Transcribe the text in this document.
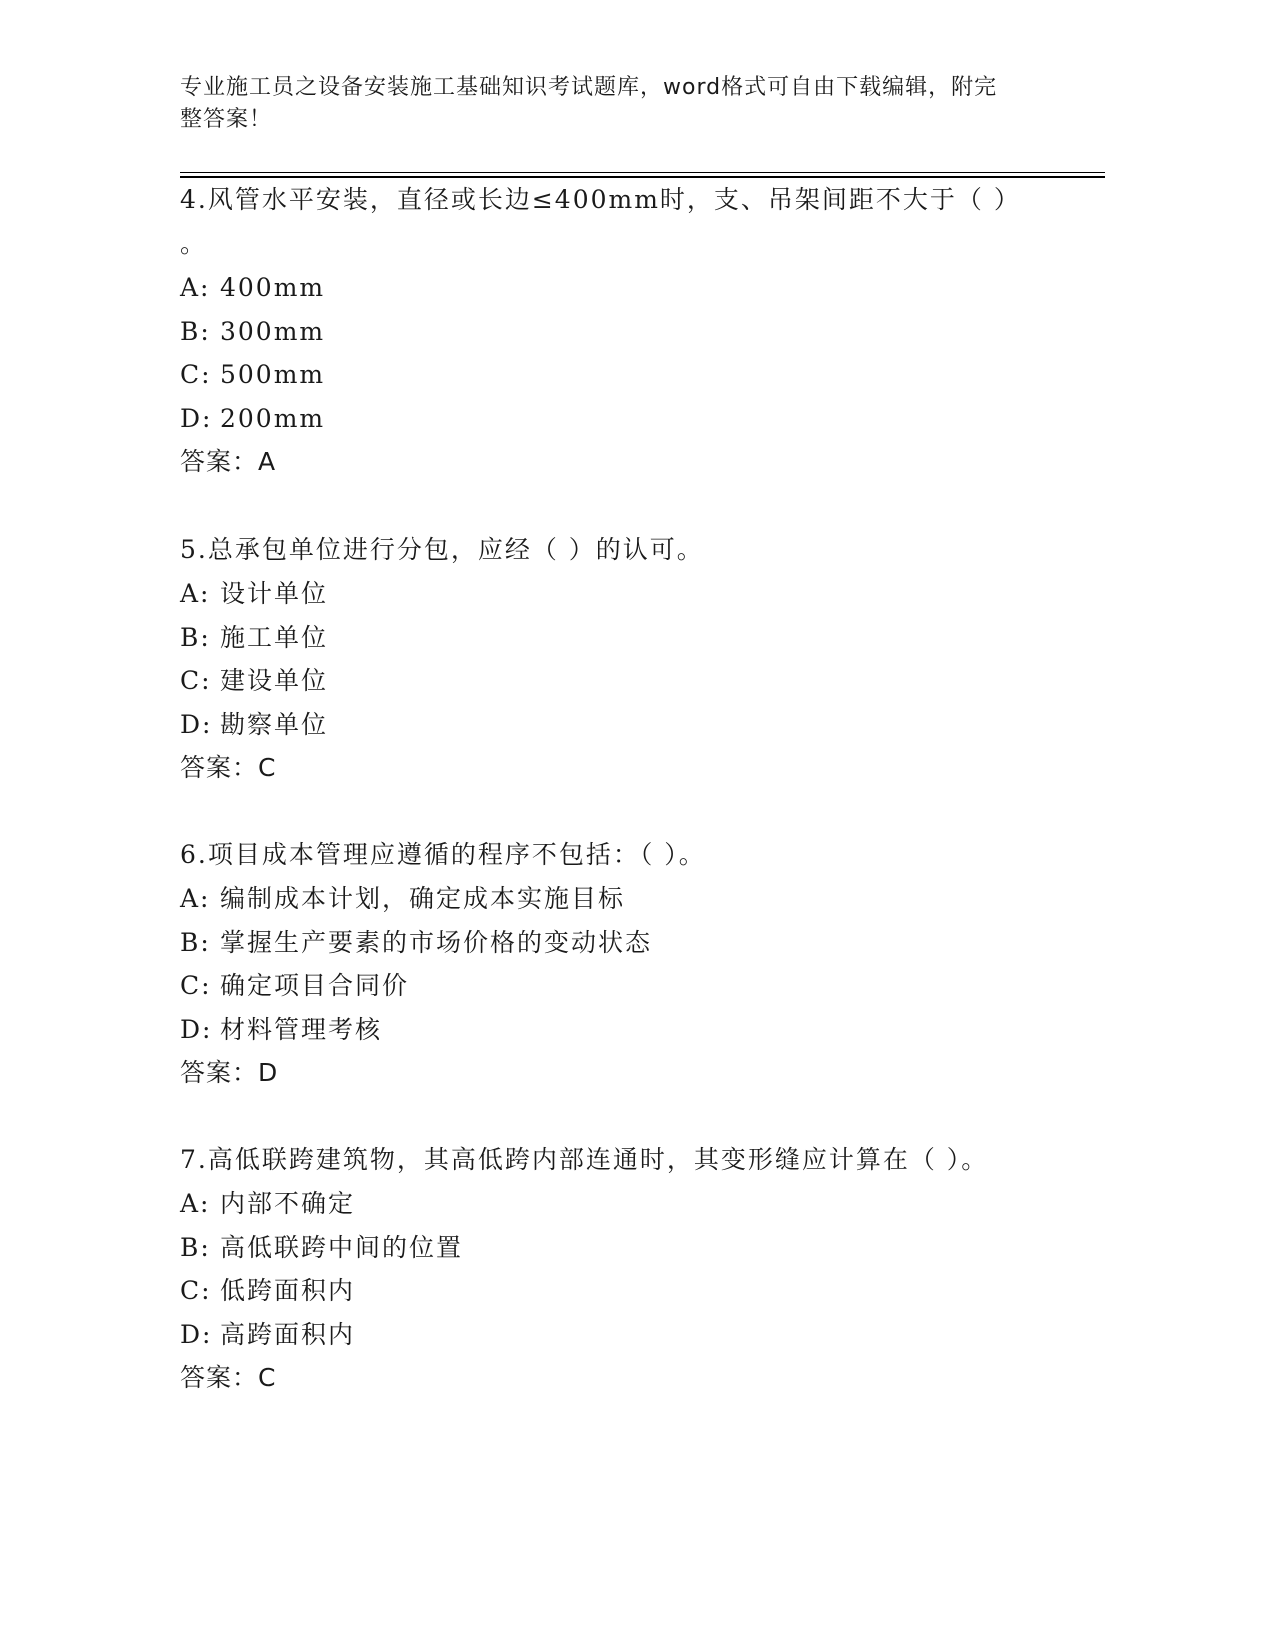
专业施工员之设备安装施工基础知识考试题库，word格式可自由下载编辑，附完
整答案！
4.风管水平安装，直径或长边≤400mm时，支、吊架间距不大于（ ）
。
A: 400mm
B: 300mm
C: 500mm
D: 200mm
答案：A
5.总承包单位进行分包，应经（ ）的认可。
A: 设计单位
B: 施工单位
C: 建设单位
D: 勘察单位
答案：C
6.项目成本管理应遵循的程序不包括：（ ）。
A: 编制成本计划，确定成本实施目标
B: 掌握生产要素的市场价格的变动状态
C: 确定项目合同价
D: 材料管理考核
答案：D
7.高低联跨建筑物，其高低跨内部连通时，其变形缝应计算在（ ）。
A: 内部不确定
B: 高低联跨中间的位置
C: 低跨面积内
D: 高跨面积内
答案：C
